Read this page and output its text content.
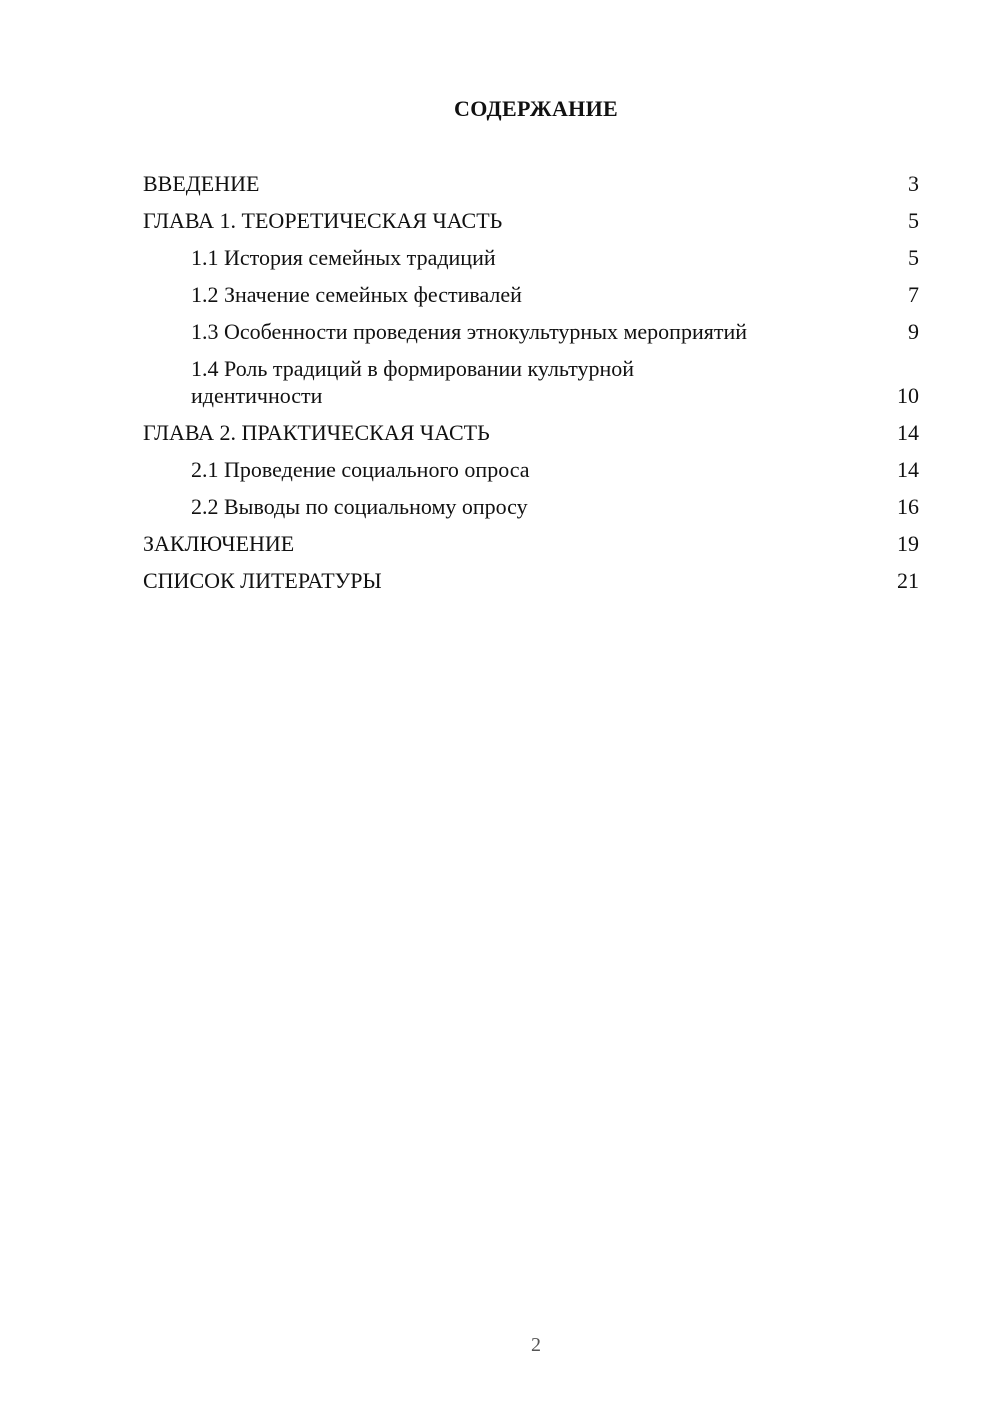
СОДЕРЖАНИЕ
ВВЕДЕНИЕ	3
ГЛАВА 1. ТЕОРЕТИЧЕСКАЯ ЧАСТЬ	5
1.1 История семейных традиций	5
1.2 Значение семейных фестивалей	7
1.3 Особенности проведения этнокультурных мероприятий	9
1.4 Роль традиций в формировании культурной идентичности	10
ГЛАВА 2. ПРАКТИЧЕСКАЯ ЧАСТЬ	14
2.1 Проведение социального опроса	14
2.2 Выводы по социальному опросу	16
ЗАКЛЮЧЕНИЕ	19
СПИСОК ЛИТЕРАТУРЫ	21
2
